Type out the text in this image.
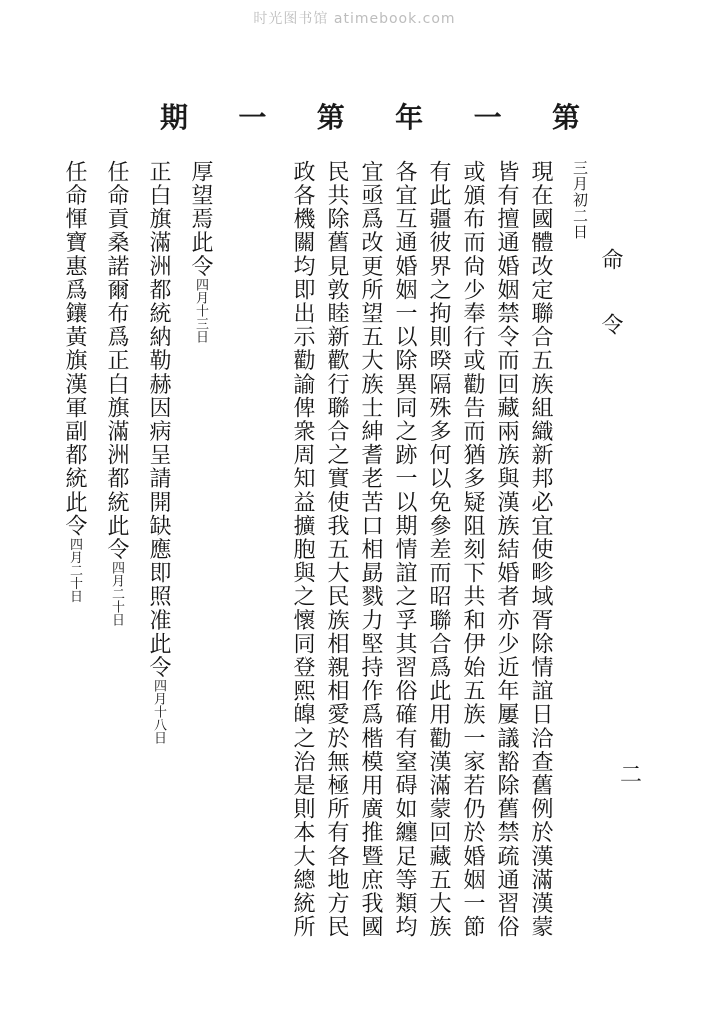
时光图书馆 atimebook.com
第
一
年
第
一
期
命 令
二
三月初二日
現在國體改定聯合五族組織新邦必宜使畛域胥除情誼日洽查舊例於漢滿漢蒙
皆有擅通婚姻禁令而回藏兩族與漢族結婚者亦少近年屢議豁除舊禁疏通習俗
或頒布而尙少奉行或勸告而猶多疑阻刻下共和伊始五族一家若仍於婚姻一節
有此疆彼界之拘則暌隔殊多何以免參差而昭聯合爲此用勸漢滿蒙回藏五大族
各宜互通婚姻一以除異同之跡一以期情誼之孚其習俗確有窒碍如纏足等類均
宜亟爲改更所望五大族士紳耆老苦口相勗戮力堅持作爲楷模用廣推暨庶我國
民共除舊見敦睦新歡行聯合之實使我五大民族相親相愛於無極所有各地方民
政各機關均即出示勸諭俾衆周知益擴胞與之懷同登熙皥之治是則本大總統所
厚望焉此令四月十三日
正白旗滿洲都統納勒赫因病呈請開缺應即照准此令四月十八日
任命貢桑諾爾布爲正白旗滿洲都統此令四月二十日
任命惲寶惠爲鑲黃旗漢軍副都統此令四月二十日
